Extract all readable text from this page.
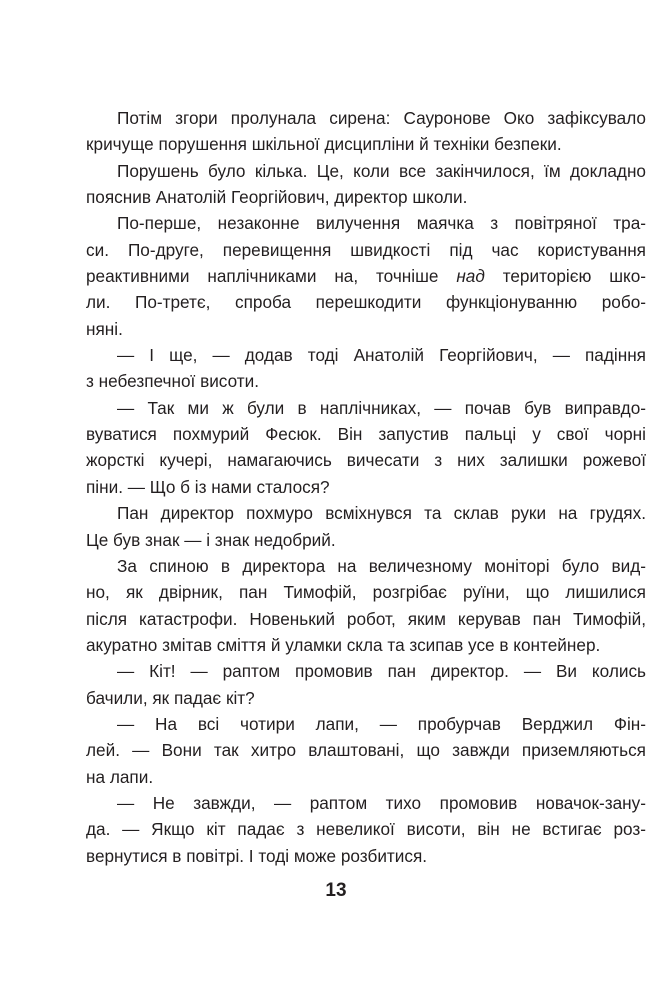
Потім згори пролунала сирена: Сауронове Око зафіксувало
кричуще порушення шкільної дисципліни й техніки безпеки.
Порушень було кілька. Це, коли все закінчилося, їм докладно
пояснив Анатолій Георгійович, директор школи.
По-перше, незаконне вилучення маячка з повітряної тра-
си. По-друге, перевищення швидкості під час користування
реактивними наплічниками на, точніше над територією шко-
ли. По-третє, спроба перешкодити функціонуванню робо-
няні.
— І ще, — додав тоді Анатолій Георгійович, — падіння
з небезпечної висоти.
— Так ми ж були в наплічниках, — почав був виправдо-
вуватися похмурий Фесюк. Він запустив пальці у свої чорні
жорсткі кучері, намагаючись вичесати з них залишки рожевої
піни. — Що б із нами сталося?
Пан директор похмуро всміхнувся та склав руки на грудях.
Це був знак — і знак недобрий.
За спиною в директора на величезному моніторі було вид-
но, як двірник, пан Тимофій, розгрібає руїни, що лишилися
після катастрофи. Новенький робот, яким керував пан Тимофій,
акуратно змітав сміття й уламки скла та зсипав усе в контейнер.
— Кіт! — раптом промовив пан директор. — Ви колись
бачили, як падає кіт?
— На всі чотири лапи, — пробурчав Верджил Фін-
лей. — Вони так хитро влаштовані, що завжди приземляються
на лапи.
— Не завжди, — раптом тихо промовив новачок-зану-
да. — Якщо кіт падає з невеликої висоти, він не встигає роз-
вернутися в повітрі. І тоді може розбитися.
13
